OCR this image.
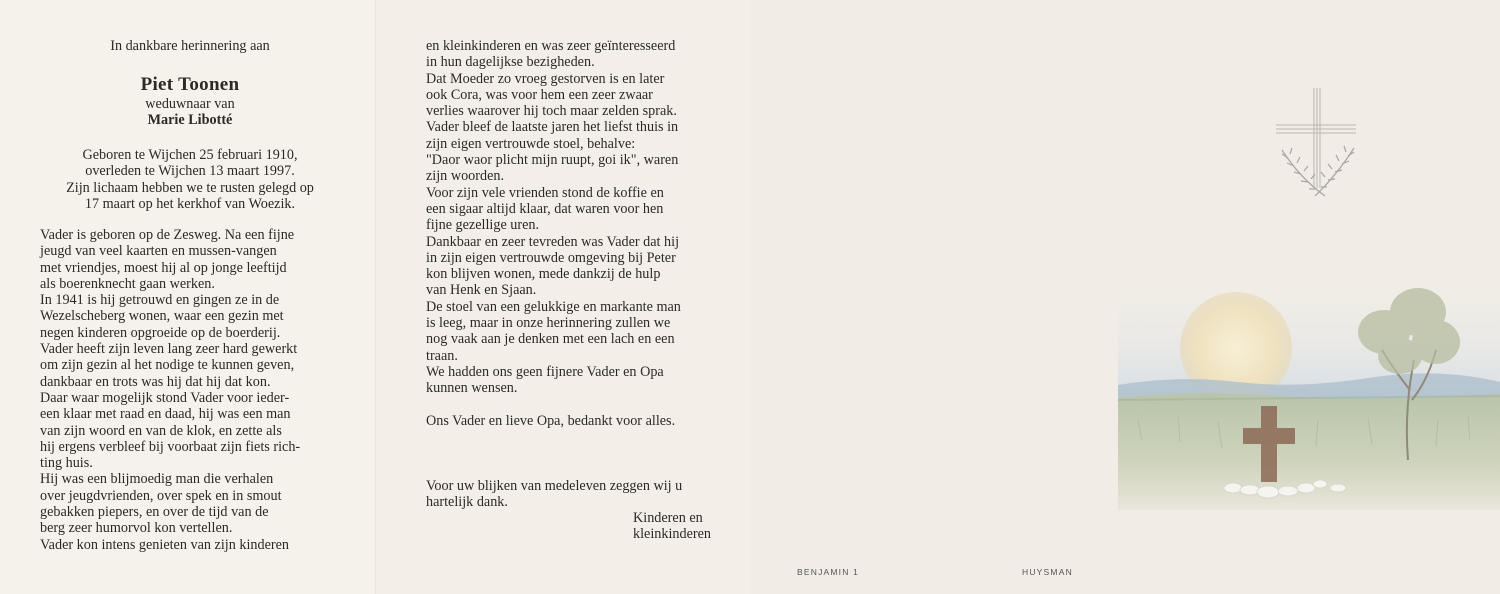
In dankbare herinnering aan
Piet Toonen
weduwnaar van
Marie Libotté
Geboren te Wijchen 25 februari 1910,
overleden te Wijchen 13 maart 1997.
Zijn lichaam hebben we te rusten gelegd op
17 maart op het kerkhof van Woezik.
Vader is geboren op de Zesweg. Na een fijne
jeugd van veel kaarten en mussen-vangen
met vriendjes, moest hij al op jonge leeftijd
als boerenknecht gaan werken.
In 1941 is hij getrouwd en gingen ze in de
Wezelscheberg wonen, waar een gezin met
negen kinderen opgroeide op de boerderij.
Vader heeft zijn leven lang zeer hard gewerkt
om zijn gezin al het nodige te kunnen geven,
dankbaar en trots was hij dat hij dat kon.
Daar waar mogelijk stond Vader voor ieder-
een klaar met raad en daad, hij was een man
van zijn woord en van de klok, en zette als
hij ergens verbleef bij voorbaat zijn fiets rich-
ting huis.
Hij was een blijmoedig man die verhalen
over jeugdvrienden, over spek en in smout
gebakken piepers, en over de tijd van de
berg zeer humorvol kon vertellen.
Vader kon intens genieten van zijn kinderen
en kleinkinderen en was zeer geïnteresseerd
in hun dagelijkse bezigheden.
Dat Moeder zo vroeg gestorven is en later
ook Cora, was voor hem een zeer zwaar
verlies waarover hij toch maar zelden sprak.
Vader bleef de laatste jaren het liefst thuis in
zijn eigen vertrouwde stoel, behalve:
"Daor waor plicht mijn ruupt, goi ik", waren
zijn woorden.
Voor zijn vele vrienden stond de koffie en
een sigaar altijd klaar, dat waren voor hen
fijne gezellige uren.
Dankbaar en zeer tevreden was Vader dat hij
in zijn eigen vertrouwde omgeving bij Peter
kon blijven wonen, mede dankzij de hulp
van Henk en Sjaan.
De stoel van een gelukkige en markante man
is leeg, maar in onze herinnering zullen we
nog vaak aan je denken met een lach en een
traan.
We hadden ons geen fijnere Vader en Opa
kunnen wensen.

Ons Vader en lieve Opa, bedankt voor alles.
Voor uw blijken van medeleven zeggen wij u
hartelijk dank.
Kinderen en
kleinkinderen
BENJAMIN 1	HUYSMAN
